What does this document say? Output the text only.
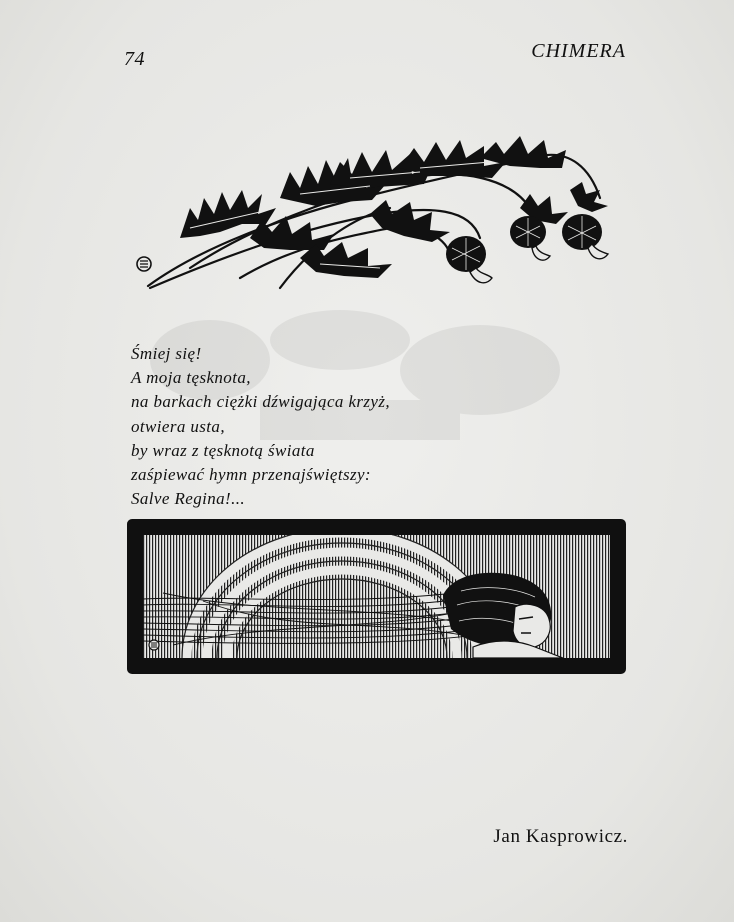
74	CHIMERA
Śmiej się!
A moja tęsknota,
na barkach ciężki dźwigająca krzyż,
otwiera usta,
by wraz z tęsknotą świata
zaśpiewać hymn przenajświętszy:
Salve Regina!...
Jan Kasprowicz.
